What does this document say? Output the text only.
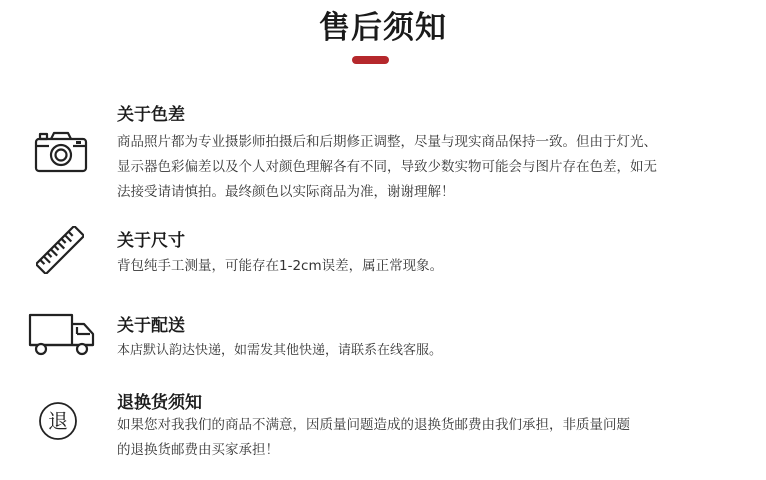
售后须知
关于色差
商品照片都为专业摄影师拍摄后和后期修正调整，尽量与现实商品保持一致。但由于灯光、
显示器色彩偏差以及个人对颜色理解各有不同，导致少数实物可能会与图片存在色差，如无
法接受请请慎拍。最终颜色以实际商品为准，谢谢理解！
关于尺寸
背包纯手工测量，可能存在1-2cm误差，属正常现象。
关于配送
本店默认韵达快递，如需发其他快递，请联系在线客服。
退
退换货须知
如果您对我我们的商品不满意，因质量问题造成的退换货邮费由我们承担，非质量问题
的退换货邮费由买家承担！
